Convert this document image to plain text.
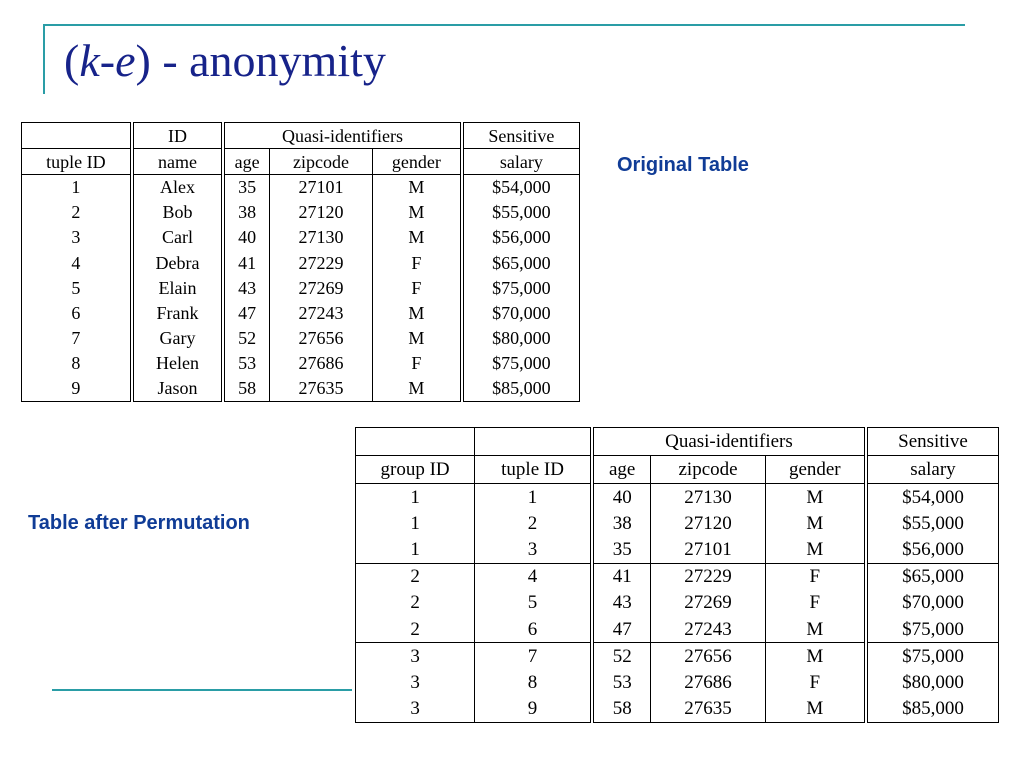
(k-e) - anonymity
Original Table
Table after Permutation
	ID	Quasi-identifiers			Sensitive
tuple ID	name	age	zipcode	gender	salary
1	Alex	35	27101	M	$54,000
2	Bob	38	27120	M	$55,000
3	Carl	40	27130	M	$56,000
4	Debra	41	27229	F	$65,000
5	Elain	43	27269	F	$75,000
6	Frank	47	27243	M	$70,000
7	Gary	52	27656	M	$80,000
8	Helen	53	27686	F	$75,000
9	Jason	58	27635	M	$85,000
		Quasi-identifiers			Sensitive
group ID	tuple ID	age	zipcode	gender	salary
1	1	40	27130	M	$54,000
1	2	38	27120	M	$55,000
1	3	35	27101	M	$56,000
2	4	41	27229	F	$65,000
2	5	43	27269	F	$70,000
2	6	47	27243	M	$75,000
3	7	52	27656	M	$75,000
3	8	53	27686	F	$80,000
3	9	58	27635	M	$85,000
